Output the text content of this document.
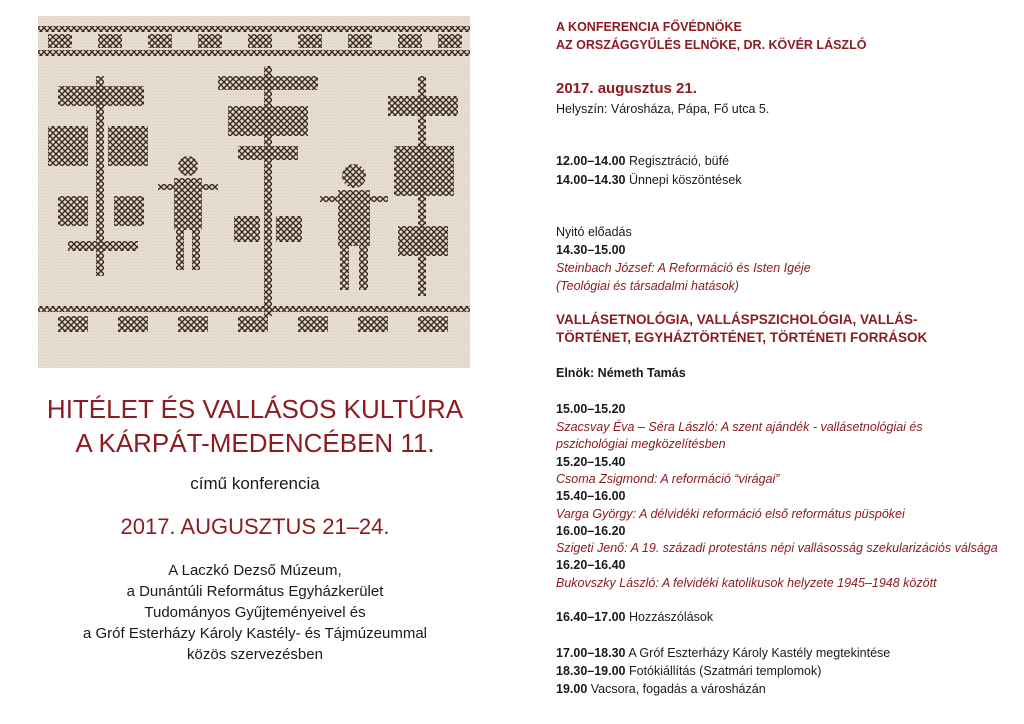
HITÉLET ÉS VALLÁSOS KULTÚRA
A KÁRPÁT-MEDENCÉBEN 11.
című konferencia
2017. AUGUSZTUS 21–24.
A Laczkó Dezső Múzeum,
a Dunántúli Református Egyházkerület
Tudományos Gyűjteményeivel és
a Gróf Esterházy Károly Kastély- és Tájmúzeummal
közös szervezésben
A KONFERENCIA FŐVÉDNÖKE
AZ ORSZÁGGYŰLÉS ELNÖKE, DR. KÖVÉR LÁSZLÓ
2017. augusztus 21.
Helyszín: Városháza, Pápa, Fő utca 5.
12.00–14.00 Regisztráció, büfé
14.00–14.30 Ünnepi köszöntések
Nyitó előadás
14.30–15.00
Steinbach József: A Reformáció és Isten Igéje
(Teológiai és társadalmi hatások)
VALLÁSETNOLÓGIA, VALLÁSPSZICHOLÓGIA, VALLÁS-
TÖRTÉNET, EGYHÁZTÖRTÉNET, TÖRTÉNETI FORRÁSOK
Elnök: Németh Tamás
15.00–15.20
Szacsvay Éva – Séra László: A szent ajándék - vallásetnológiai és
pszichológiai megközelítésben
15.20–15.40
Csoma Zsigmond: A reformáció “virágai”
15.40–16.00
Varga György: A délvidéki reformáció első református püspökei
16.00–16.20
Szigeti Jenő: A 19. századi protestáns népi vallásosság szekularizációs válsága
16.20–16.40
Bukovszky László: A felvidéki katolikusok helyzete 1945–1948 között
16.40–17.00 Hozzászólások
17.00–18.30 A Gróf Eszterházy Károly Kastély megtekintése
18.30–19.00 Fotókiállítás (Szatmári templomok)
19.00 Vacsora, fogadás a városházán
